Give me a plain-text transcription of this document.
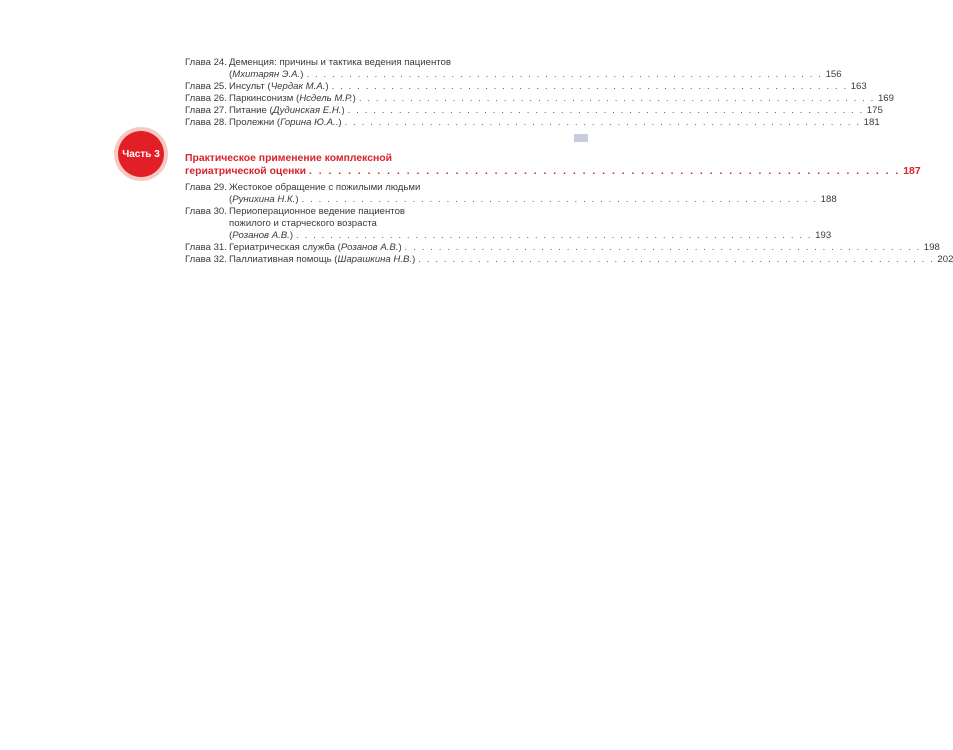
Глава 24. Деменция: причины и тактика ведения пациентов
(Мхитарян Э.А.) . . . . . . . . . . . . . . . . . . . . . . . . . . . . . . . . . . . . . . . . . . . . . . . . . . . . . . . . . . . . . 156
Глава 25. Инсульт (Чердак М.А.) . . . . . . . . . . . . . . . . . . . . . . . . . . . . . . . . . . . . . . . . . . . . . . . . . . . . . . . . . . . . . 163
Глава 26. Паркинсонизм (Нсдель М.Р.) . . . . . . . . . . . . . . . . . . . . . . . . . . . . . . . . . . . . . . . . . . . . . . . . . . . . . . . . . . . . . 169
Глава 27. Питание (Дудинская Е.Н.) . . . . . . . . . . . . . . . . . . . . . . . . . . . . . . . . . . . . . . . . . . . . . . . . . . . . . . . . . . . . . 175
Глава 28. Пролежни (Горина Ю.А..) . . . . . . . . . . . . . . . . . . . . . . . . . . . . . . . . . . . . . . . . . . . . . . . . . . . . . . . . . . . . . 181
Часть 3	Практическое применение комплексной
гериатрической оценки . . . . . . . . . . . . . . . . . . . . . . . . . . . . . . . . . . . . . . . . . . . . . . . . . . . . . . . . . . . . . 187
Глава 29. Жестокое обращение с пожилыми людьми
(Рунихина Н.К.) . . . . . . . . . . . . . . . . . . . . . . . . . . . . . . . . . . . . . . . . . . . . . . . . . . . . . . . . . . . . . 188
Глава 30. Периоперационное ведение пациентов
пожилого и старческого возраста
(Розанов А.В.) . . . . . . . . . . . . . . . . . . . . . . . . . . . . . . . . . . . . . . . . . . . . . . . . . . . . . . . . . . . . . 193
Глава 31. Гериатрическая служба (Розанов А.В.) . . . . . . . . . . . . . . . . . . . . . . . . . . . . . . . . . . . . . . . . . . . . . . . . . . . . . . . . . . . . . 198
Глава 32. Паллиативная помощь (Шарашкина Н.В.) . . . . . . . . . . . . . . . . . . . . . . . . . . . . . . . . . . . . . . . . . . . . . . . . . . . . . . . . . . . . . 202
